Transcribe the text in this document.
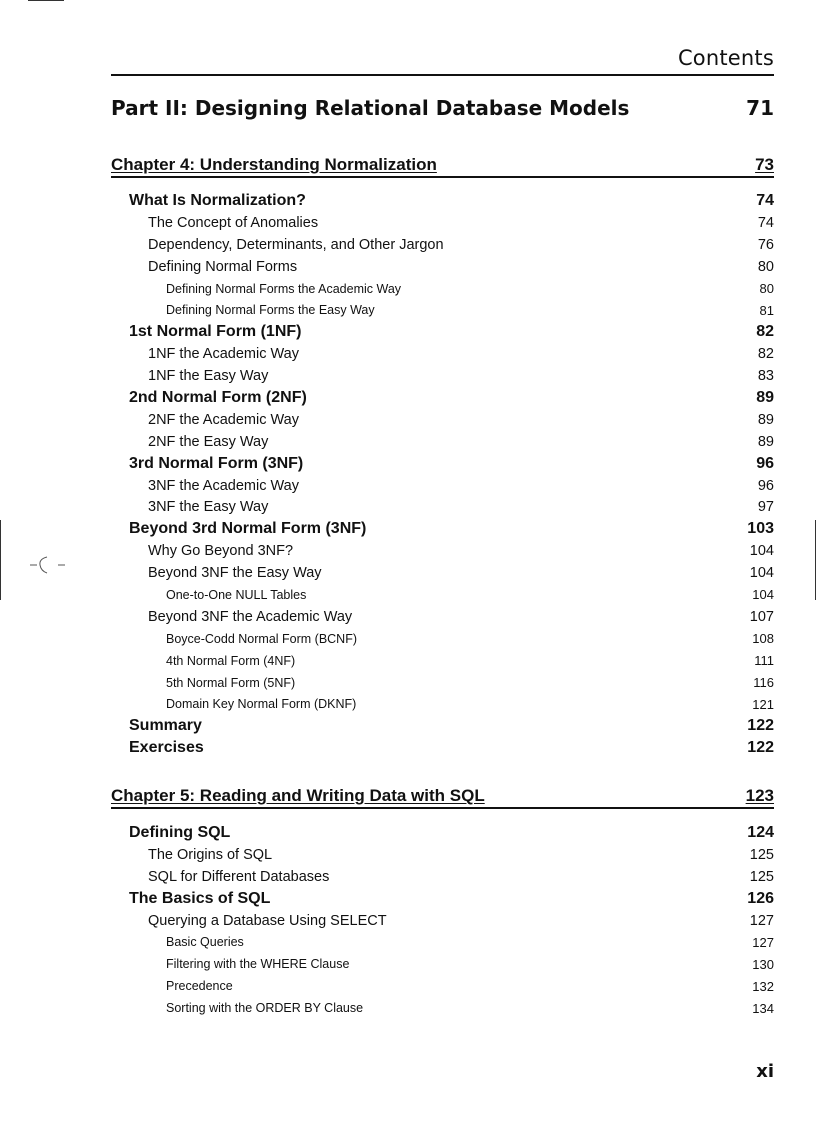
Contents
Part II: Designing Relational Database Models	71
Chapter 4: Understanding Normalization	73
What Is Normalization?	74
The Concept of Anomalies	74
Dependency, Determinants, and Other Jargon	76
Defining Normal Forms	80
Defining Normal Forms the Academic Way	80
Defining Normal Forms the Easy Way	81
1st Normal Form (1NF)	82
1NF the Academic Way	82
1NF the Easy Way	83
2nd Normal Form (2NF)	89
2NF the Academic Way	89
2NF the Easy Way	89
3rd Normal Form (3NF)	96
3NF the Academic Way	96
3NF the Easy Way	97
Beyond 3rd Normal Form (3NF)	103
Why Go Beyond 3NF?	104
Beyond 3NF the Easy Way	104
One-to-One NULL Tables	104
Beyond 3NF the Academic Way	107
Boyce-Codd Normal Form (BCNF)	108
4th Normal Form (4NF)	111
5th Normal Form (5NF)	116
Domain Key Normal Form (DKNF)	121
Summary	122
Exercises	122
Chapter 5: Reading and Writing Data with SQL	123
Defining SQL	124
The Origins of SQL	125
SQL for Different Databases	125
The Basics of SQL	126
Querying a Database Using SELECT	127
Basic Queries	127
Filtering with the WHERE Clause	130
Precedence	132
Sorting with the ORDER BY Clause	134
xi
